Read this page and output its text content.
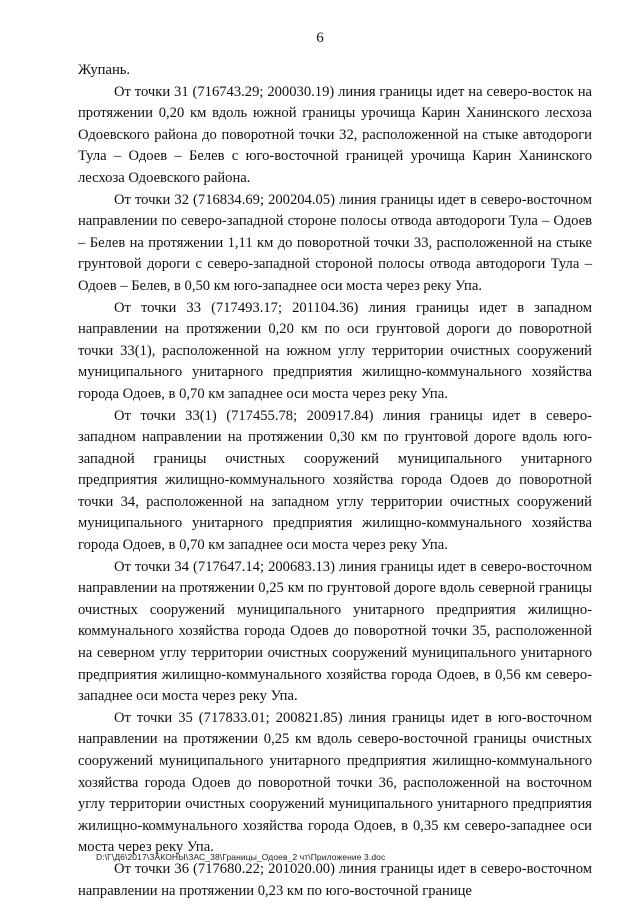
6

Жупань.

От точки 31 (716743.29; 200030.19) линия границы идет на северо-восток на протяжении 0,20 км вдоль южной границы урочища Карин Ханинского лесхоза Одоевского района до поворотной точки 32, расположенной на стыке автодороги Тула – Одоев – Белев с юго-восточной границей урочища Карин Ханинского лесхоза Одоевского района.

От точки 32 (716834.69; 200204.05) линия границы идет в северо-восточном направлении по северо-западной стороне полосы отвода автодороги Тула – Одоев – Белев на протяжении 1,11 км до поворотной точки 33, расположенной на стыке грунтовой дороги с северо-западной стороной полосы отвода автодороги Тула – Одоев – Белев, в 0,50 км юго-западнее оси моста через реку Упа.

От точки 33 (717493.17; 201104.36) линия границы идет в западном направлении на протяжении 0,20 км по оси грунтовой дороги до поворотной точки 33(1), расположенной на южном углу территории очистных сооружений муниципального унитарного предприятия жилищно-коммунального хозяйства города Одоев, в 0,70 км западнее оси моста через реку Упа.

От точки 33(1) (717455.78; 200917.84) линия границы идет в северо-западном направлении на протяжении 0,30 км по грунтовой дороге вдоль юго-западной границы очистных сооружений муниципального унитарного предприятия жилищно-коммунального хозяйства города Одоев до поворотной точки 34, расположенной на западном углу территории очистных сооружений муниципального унитарного предприятия жилищно-коммунального хозяйства города Одоев, в 0,70 км западнее оси моста через реку Упа.

От точки 34 (717647.14; 200683.13) линия границы идет в северо-восточном направлении на протяжении 0,25 км по грунтовой дороге вдоль северной границы очистных сооружений муниципального унитарного предприятия жилищно-коммунального хозяйства города Одоев до поворотной точки 35, расположенной на северном углу территории очистных сооружений муниципального унитарного предприятия жилищно-коммунального хозяйства города Одоев, в 0,56 км северо-западнее оси моста через реку Упа.

От точки 35 (717833.01; 200821.85) линия границы идет в юго-восточном направлении на протяжении 0,25 км вдоль северо-восточной границы очистных сооружений муниципального унитарного предприятия жилищно-коммунального хозяйства города Одоев до поворотной точки 36, расположенной на восточном углу территории очистных сооружений муниципального унитарного предприятия жилищно-коммунального хозяйства города Одоев, в 0,35 км северо-западнее оси моста через реку Упа.

От точки 36 (717680.22; 201020.00) линия границы идет в северо-восточном направлении на протяжении 0,23 км по юго-восточной границе

D:\Г\Д6\2017\ЗАКОНЫ\ЗАС_38\Границы_Одоев_2 чт\Приложение 3.doc
